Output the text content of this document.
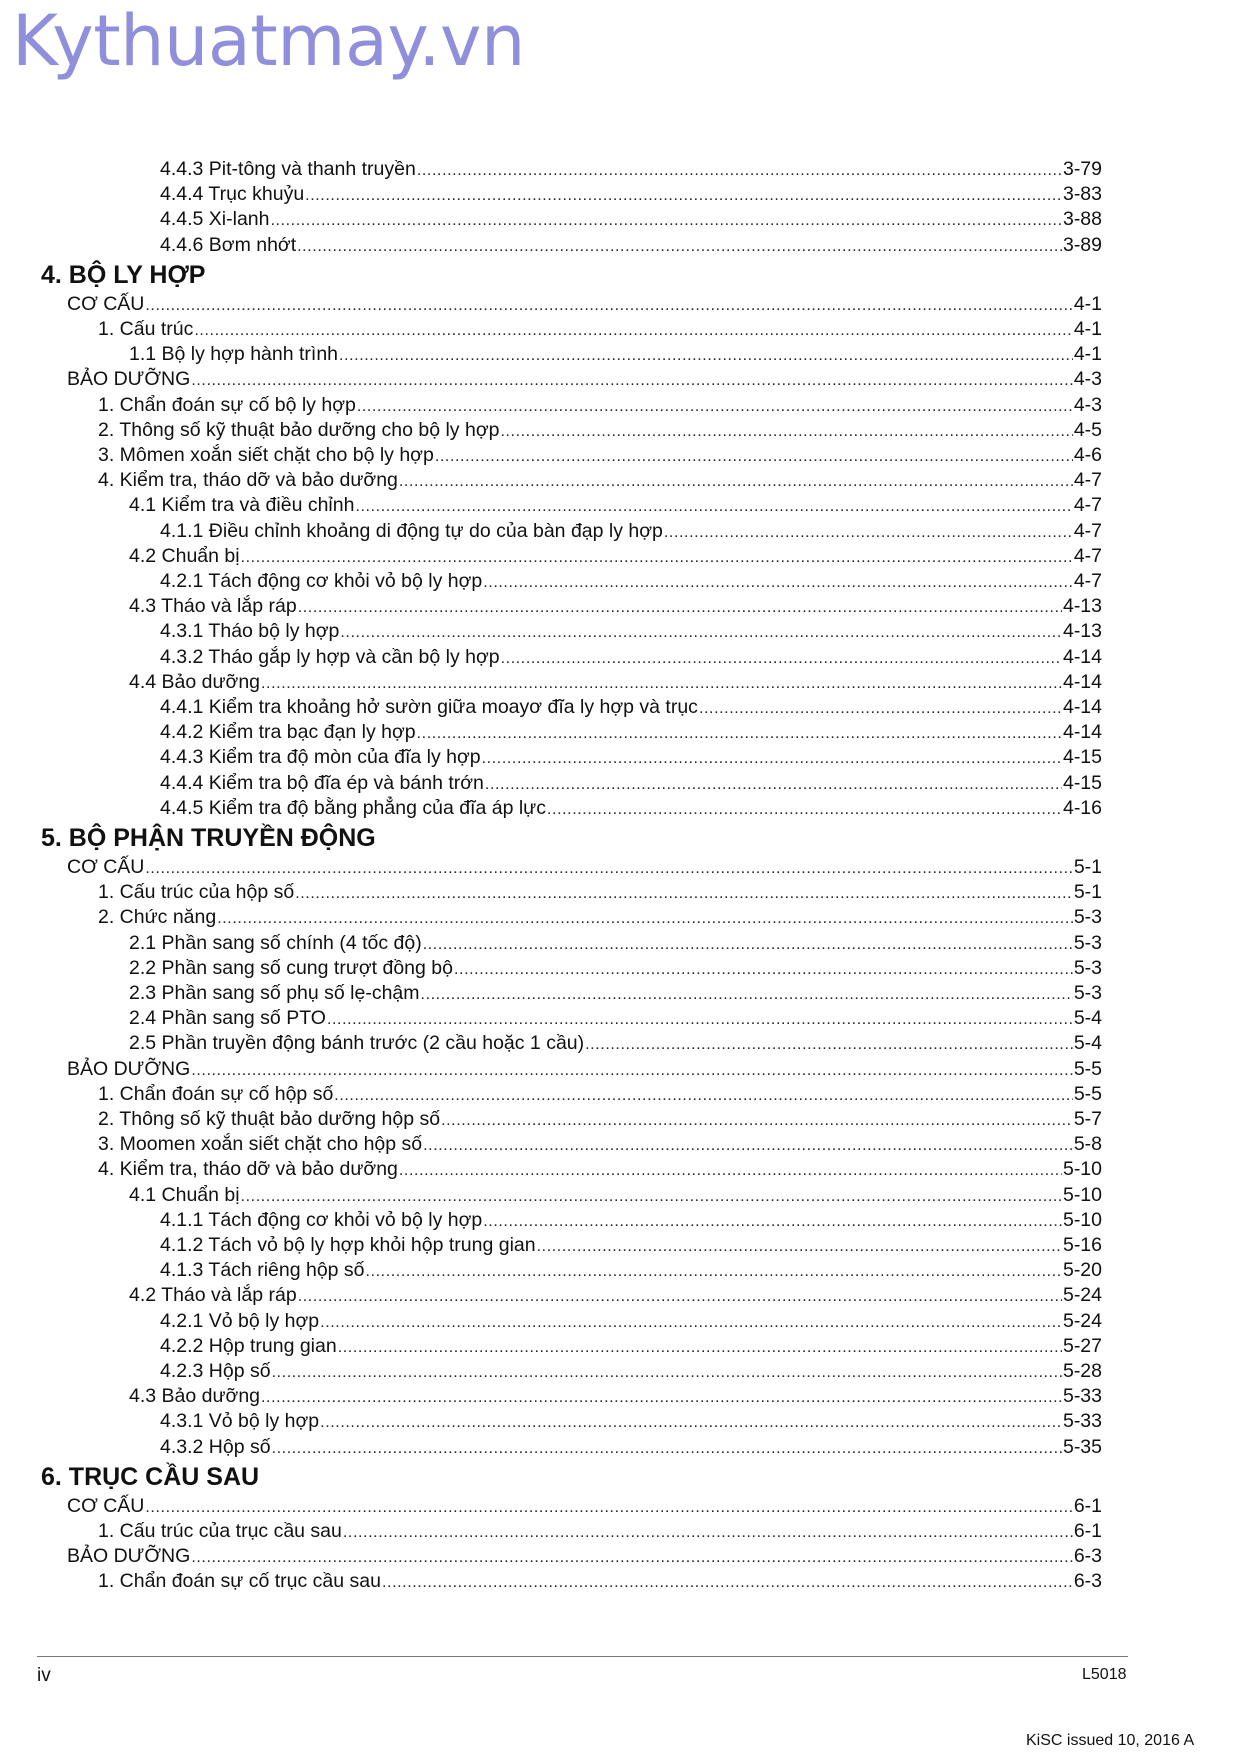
Kythuatmay.vn
4.4.3 Pit-tông và thanh truyền .....	3-79
4.4.4 Trục khuỷu .....	3-83
4.4.5 Xi-lanh .....	3-88
4.4.6 Bơm nhớt .....	3-89
4. BỘ LY HỢP
CƠ CẤU .....	4-1
1. Cấu trúc .....	4-1
1.1 Bộ ly hợp hành trình .....	4-1
BẢO DƯỠNG .....	4-3
1. Chẩn đoán sự cố bộ ly hợp .....	4-3
2. Thông số kỹ thuật bảo dưỡng cho bộ ly hợp .....	4-5
3. Mômen xoắn siết chặt cho bộ ly hợp .....	4-6
4. Kiểm tra, tháo dỡ và bảo dưỡng .....	4-7
4.1 Kiểm tra và điều chỉnh .....	4-7
4.1.1 Điều chỉnh khoảng di động tự do của bàn đạp ly hợp .....	4-7
4.2 Chuẩn bị .....	4-7
4.2.1 Tách động cơ khỏi vỏ bộ ly hợp .....	4-7
4.3 Tháo và lắp ráp .....	4-13
4.3.1 Tháo bộ ly hợp .....	4-13
4.3.2 Tháo gắp ly hợp và cần bộ ly hợp .....	4-14
4.4 Bảo dưỡng .....	4-14
4.4.1 Kiểm tra khoảng hở sườn giữa moayơ đĩa ly hợp và trục .....	4-14
4.4.2 Kiểm tra bạc đạn ly hợp .....	4-14
4.4.3 Kiểm tra độ mòn của đĩa ly hợp .....	4-15
4.4.4 Kiểm tra bộ đĩa ép và bánh trớn .....	4-15
4.4.5 Kiểm tra độ bằng phẳng của đĩa áp lực .....	4-16
5. BỘ PHẬN TRUYỀN ĐỘNG
CƠ CẤU .....	5-1
1. Cấu trúc của hộp số .....	5-1
2. Chức năng .....	5-3
2.1 Phần sang số chính (4 tốc độ) .....	5-3
2.2 Phần sang số cung trượt đồng bộ .....	5-3
2.3 Phần sang số phụ số lẹ-chậm .....	5-3
2.4 Phần sang số PTO .....	5-4
2.5 Phần truyền động bánh trước (2 cầu hoặc 1 cầu) .....	5-4
BẢO DƯỠNG .....	5-5
1. Chẩn đoán sự cố hộp số .....	5-5
2. Thông số kỹ thuật bảo dưỡng hộp số .....	5-7
3. Moomen xoắn siết chặt cho hộp số .....	5-8
4. Kiểm tra, tháo dỡ và bảo dưỡng .....	5-10
4.1 Chuẩn bị .....	5-10
4.1.1 Tách động cơ khỏi vỏ bộ ly hợp .....	5-10
4.1.2 Tách vỏ bộ ly hợp khỏi hộp trung gian .....	5-16
4.1.3 Tách riêng hộp số .....	5-20
4.2 Tháo và lắp ráp .....	5-24
4.2.1 Vỏ bộ ly hợp .....	5-24
4.2.2 Hộp trung gian .....	5-27
4.2.3 Hộp số .....	5-28
4.3 Bảo dưỡng .....	5-33
4.3.1 Vỏ bộ ly hợp .....	5-33
4.3.2 Hộp số .....	5-35
6. TRỤC CẦU SAU
CƠ CẤU .....	6-1
1. Cấu trúc của trục cầu sau .....	6-1
BẢO DƯỠNG .....	6-3
1. Chẩn đoán sự cố trục cầu sau .....	6-3
iv	L5018
KiSC issued 10, 2016 A
